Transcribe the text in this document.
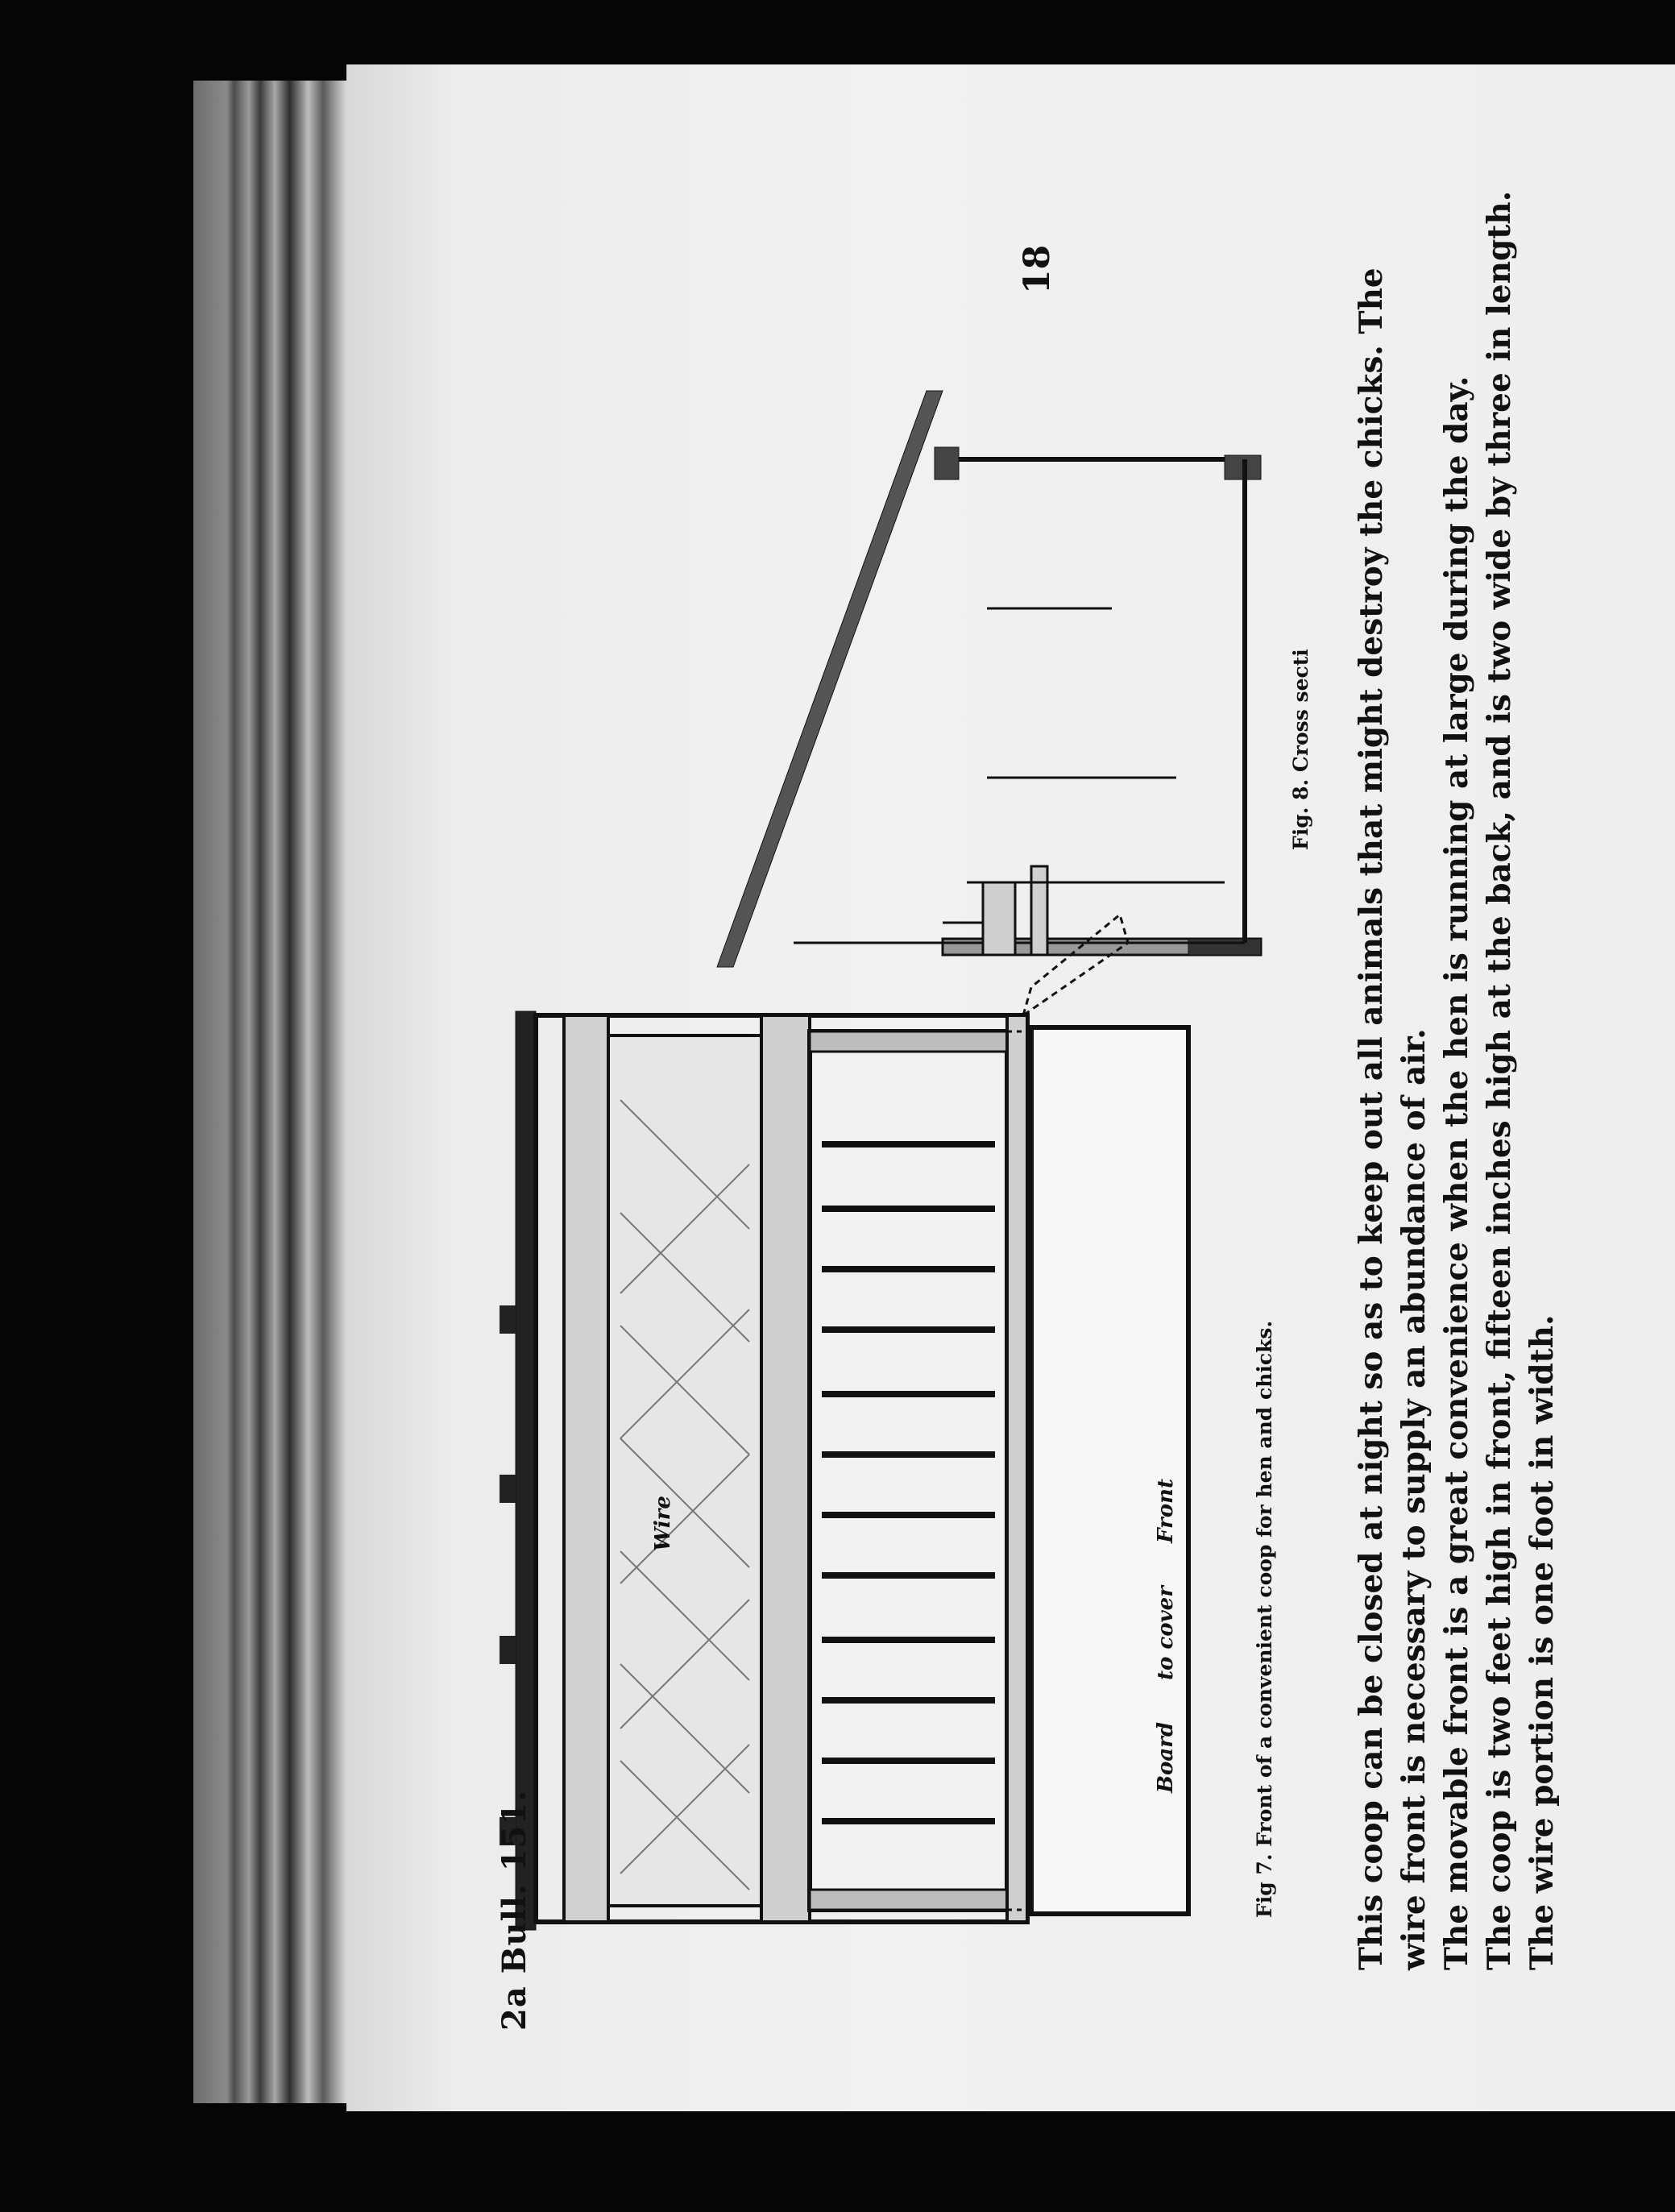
18

Wire
Board
to cover
Front

2a Bull. 151.	Fig 7. Front of a convenient coop for hen and chicks.

Fig. 8. Cross secti This coop can be closed at night so as to keep out all animals that might destroy the chicks. The wire front is necessary to supply an abundance of air. The movable front is a great convenience when the hen is running at large during the day. The coop is two feet high in front, fifteen inches high at the back, and is two wide by three in length. The wire portion is one foot in width.
